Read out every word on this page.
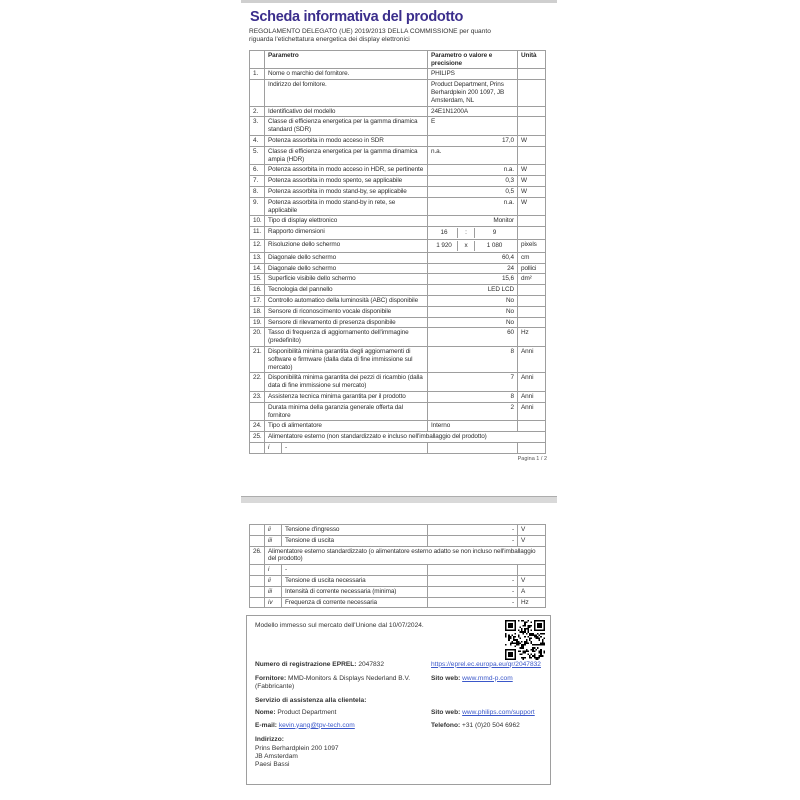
Scheda informativa del prodotto
REGOLAMENTO DELEGATO (UE) 2019/2013 DELLA COMMISSIONE per quanto riguarda l'etichettatura energetica dei display elettronici
	Parametro		Parametro o valore e precisione	Unità
1.	Nome o marchio del fornitore.		PHILIPS	
	Indirizzo del fornitore.		Product Department, Prins Berhardplein 200 1097, JB Amsterdam, NL	
2.	Identificativo del modello		24E1N1200A	
3.	Classe di efficienza energetica per la gamma dinamica standard (SDR)		E	
4.	Potenza assorbita in modo acceso in SDR		17,0	W
5.	Classe di efficienza energetica per la gamma dinamica ampia (HDR)		n.a.	
6.	Potenza assorbita in modo acceso in HDR, se pertinente		n.a.	W
7.	Potenza assorbita in modo spento, se applicabile		0,3	W
8.	Potenza assorbita in modo stand-by, se applicabile		0,5	W
9.	Potenza assorbita in modo stand-by in rete, se applicabile		n.a.	W
10.	Tipo di display elettronico		Monitor	
11.	Rapporto dimensioni		16 : 9	

12.	Risoluzione dello schermo		1 920 x 1 080	pixels
13.	Diagonale dello schermo		60,4	cm
14.	Diagonale dello schermo		24	pollici
15.	Superficie visibile dello schermo		15,6	dm²
16.	Tecnologia del pannello		LED LCD	
17.	Controllo automatico della luminosità (ABC) disponibile		No	
18.	Sensore di riconoscimento vocale disponibile		No	
19.	Sensore di rilevamento di presenza disponibile		No	
20.	Tasso di frequenza di aggiornamento dell'immagine (predefinito)		60	Hz
21.	Disponibilità minima garantita degli aggiornamenti di software e firmware (dalla data di fine immissione sul mercato)		8	Anni
22.	Disponibilità minima garantita dei pezzi di ricambio (dalla data di fine immissione sul mercato)		7	Anni
23.	Assistenza tecnica minima garantita per il prodotto		8	Anni
	Durata minima della garanzia generale offerta dal fornitore		2	Anni
24.	Tipo di alimentatore		Interno	
25.	Alimentatore esterno (non standardizzato e incluso nell'imballaggio del prodotto)			
	i	-		
Pagina 1 / 2
	ii	Tensione d'ingresso	-	V
	iii	Tensione di uscita	-	V
26.	Alimentatore esterno standardizzato (o alimentatore esterno adatto se non incluso nell'imballaggio del prodotto)			
	i	-		
	ii	Tensione di uscita necessaria	-	V
	iii	Intensità di corrente necessaria (minima)	-	A
	iv	Frequenza di corrente necessaria	-	Hz
Modello immesso sul mercato dell'Unione dal 10/07/2024.
Numero di registrazione EPREL: 2047832	https://eprel.ec.europa.eu/qr/2047832
Fornitore: MMD-Monitors & Displays Nederland B.V. (Fabbricante)
Sito web: www.mmd-p.com
Servizio di assistenza alla clientela:
Nome: Product Department	Sito web: www.philips.com/support
E-mail: kevin.yang@tpv-tech.com	Telefono: +31 (0)20 504 6962
Indirizzo:
Prins Berhardplein 200 1097
JB Amsterdam
Paesi Bassi
